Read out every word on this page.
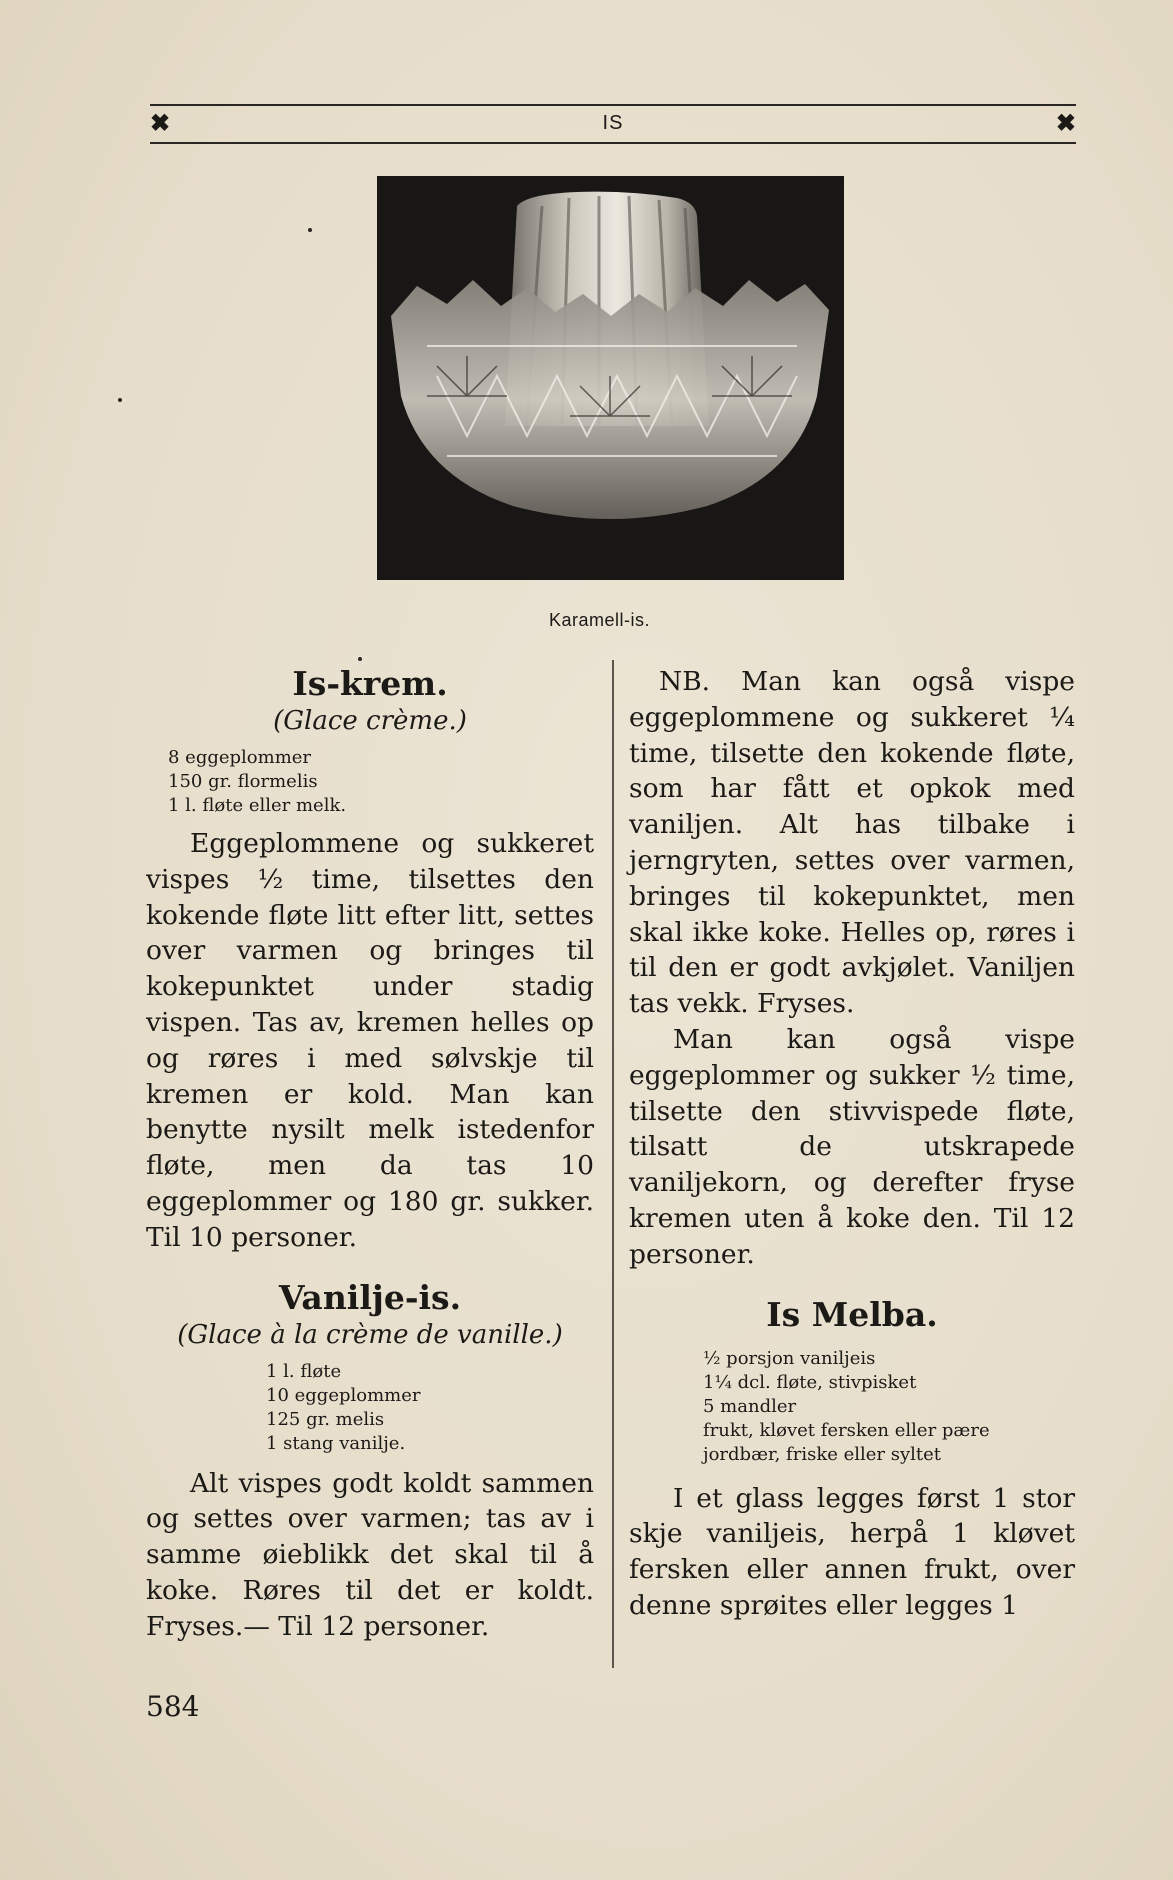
✖	IS	✖
Karamell-is.
Is-krem.
(Glace crème.)
8 eggeplommer
150 gr. flormelis
1 l. fløte eller melk.

Eggeplommene og sukkeret vispes ½ time, tilsettes den kokende fløte litt efter litt, settes over varmen og bringes til kokepunktet under stadig vispen. Tas av, kremen helles op og røres i med sølvskje til kremen er kold. Man kan benytte nysilt melk istedenfor fløte, men da tas 10 eggeplommer og 180 gr. sukker. Til 10 personer.

Vanilje-is.
(Glace à la crème de vanille.)
1 l. fløte
10 eggeplommer
125 gr. melis
1 stang vanilje.

Alt vispes godt koldt sammen og settes over varmen; tas av i samme øieblikk det skal til å koke. Røres til det er koldt. Fryses.— Til 12 personer.

NB. Man kan også vispe eggeplommene og sukkeret ¼ time, tilsette den kokende fløte, som har fått et opkok med vaniljen. Alt has tilbake i jerngryten, settes over varmen, bringes til kokepunktet, men skal ikke koke. Helles op, røres i til den er godt avkjølet. Vaniljen tas vekk. Fryses.

Man kan også vispe eggeplommer og sukker ½ time, tilsette den stivvispede fløte, tilsatt de utskrapede vaniljekorn, og derefter fryse kremen uten å koke den. Til 12 personer.

Is Melba.
½ porsjon vaniljeis
1¼ dcl. fløte, stivpisket
5 mandler
frukt, kløvet fersken eller pære
jordbær, friske eller syltet

I et glass legges først 1 stor skje vaniljeis, herpå 1 kløvet fersken eller annen frukt, over denne sprøites eller legges 1

584
